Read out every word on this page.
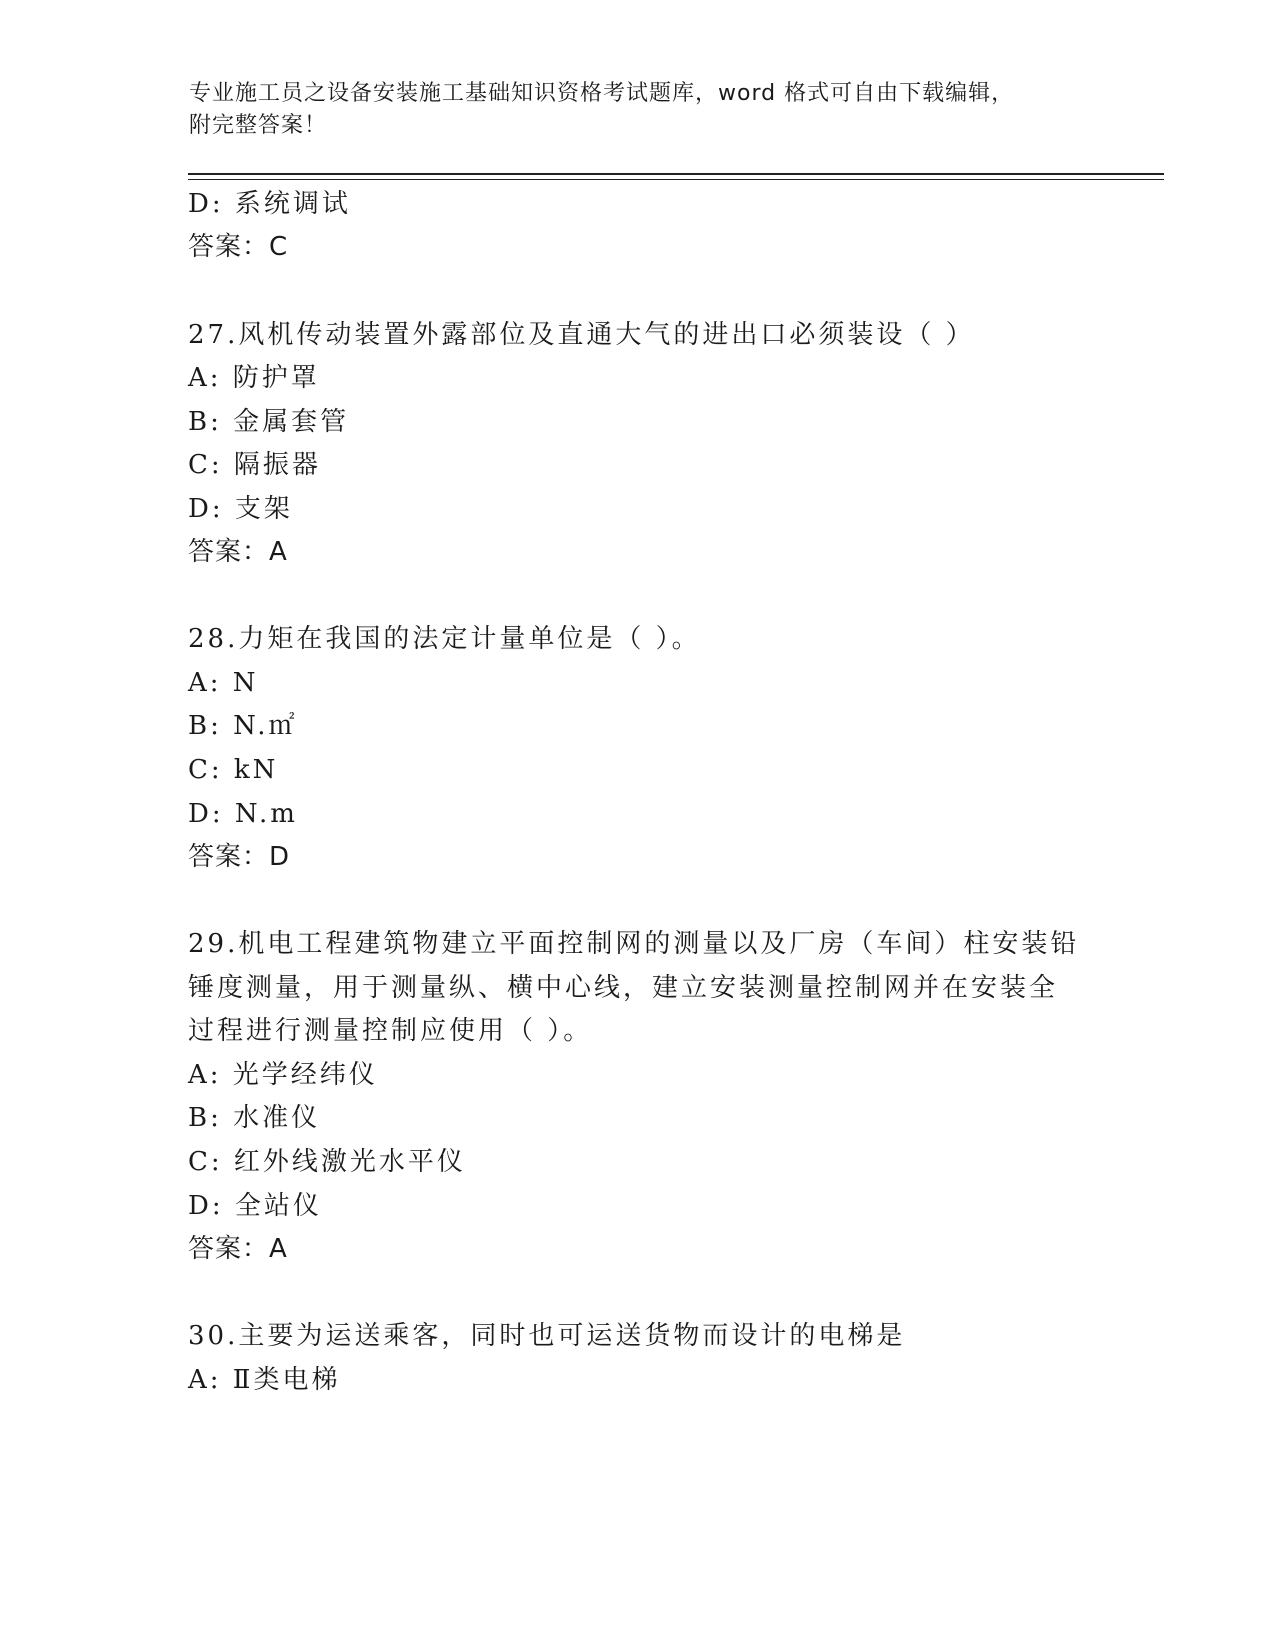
专业施工员之设备安装施工基础知识资格考试题库，word 格式可自由下载编辑，
附完整答案！
D: 系统调试
答案：C
27.风机传动装置外露部位及直通大气的进出口必须装设（ ）
A: 防护罩
B: 金属套管
C: 隔振器
D: 支架
答案：A
28.力矩在我国的法定计量单位是（ ）。
A: N
B: N.㎡
C: kN
D: N.m
答案：D
29.机电工程建筑物建立平面控制网的测量以及厂房（车间）柱安装铅
锤度测量，用于测量纵、横中心线，建立安装测量控制网并在安装全
过程进行测量控制应使用（ ）。
A: 光学经纬仪
B: 水准仪
C: 红外线激光水平仪
D: 全站仪
答案：A
30.主要为运送乘客，同时也可运送货物而设计的电梯是
A: Ⅱ类电梯
